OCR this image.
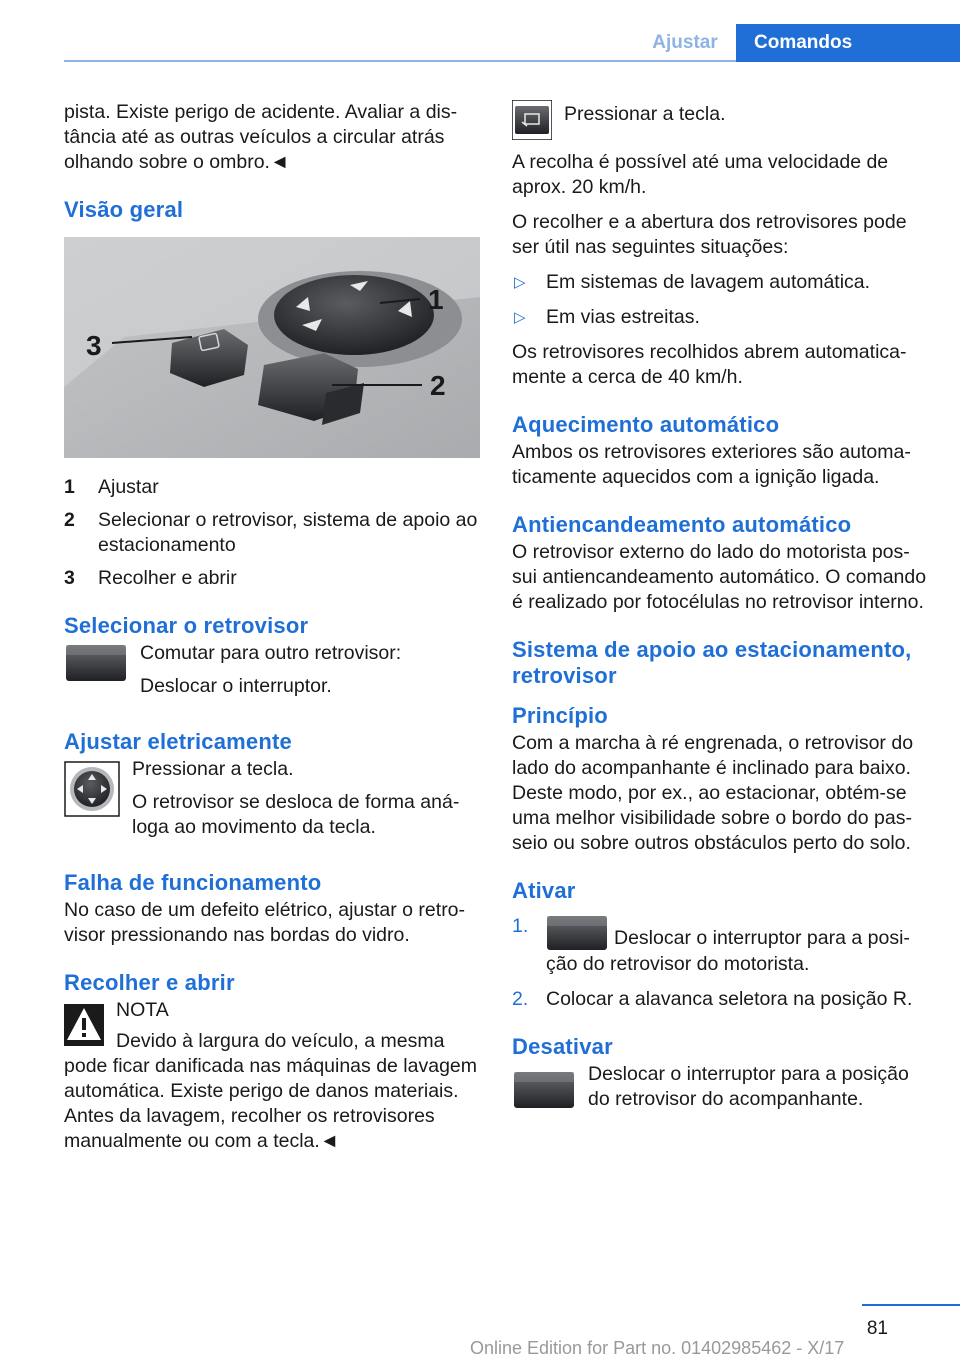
Ajustar	Comandos

pista. Existe perigo de acidente. Avaliar a distância até as outras veículos a circular atrás olhando sobre o ombro.◄

Visão geral
1
2
3
1	Ajustar
2	Selecionar o retrovisor, sistema de apoio ao estacionamento
3	Recolher e abrir
Selecionar o retrovisor

Comutar para outro retrovisor:

Deslocar o interruptor.

Ajustar eletricamente

Pressionar a tecla.

O retrovisor se desloca de forma análoga ao movimento da tecla.

Falha de funcionamento

No caso de um defeito elétrico, ajustar o retrovisor pressionando nas bordas do vidro.

Recolher e abrir

NOTA

Devido à largura do veículo, a mesma

pode ficar danificada nas máquinas de lavagem automática. Existe perigo de danos materiais. Antes da lavagem, recolher os retrovisores manualmente ou com a tecla.◄

Pressionar a tecla.

A recolha é possível até uma velocidade de aprox. 20 km/h.

O recolher e a abertura dos retrovisores pode ser útil nas seguintes situações:

▷	Em sistemas de lavagem automática.
▷	Em vias estreitas.

Os retrovisores recolhidos abrem automaticamente a cerca de 40 km/h.

Aquecimento automático

Ambos os retrovisores exteriores são automaticamente aquecidos com a ignição ligada.

Antiencandeamento automático

O retrovisor externo do lado do motorista possui antiencandeamento automático. O comando é realizado por fotocélulas no retrovisor interno.

Sistema de apoio ao estacionamento, retrovisor
Princípio

Com a marcha à ré engrenada, o retrovisor do lado do acompanhante é inclinado para baixo. Deste modo, por ex., ao estacionar, obtém-se uma melhor visibilidade sobre o bordo do passeio ou sobre outros obstáculos perto do solo.

Ativar
1.
Deslocar o interruptor para a posição do retrovisor do motorista.
2. Colocar a alavanca seletora na posição R.
Desativar

Deslocar o interruptor para a posição do retrovisor do acompanhante.

81
Online Edition for Part no. 01402985462 - X/17
